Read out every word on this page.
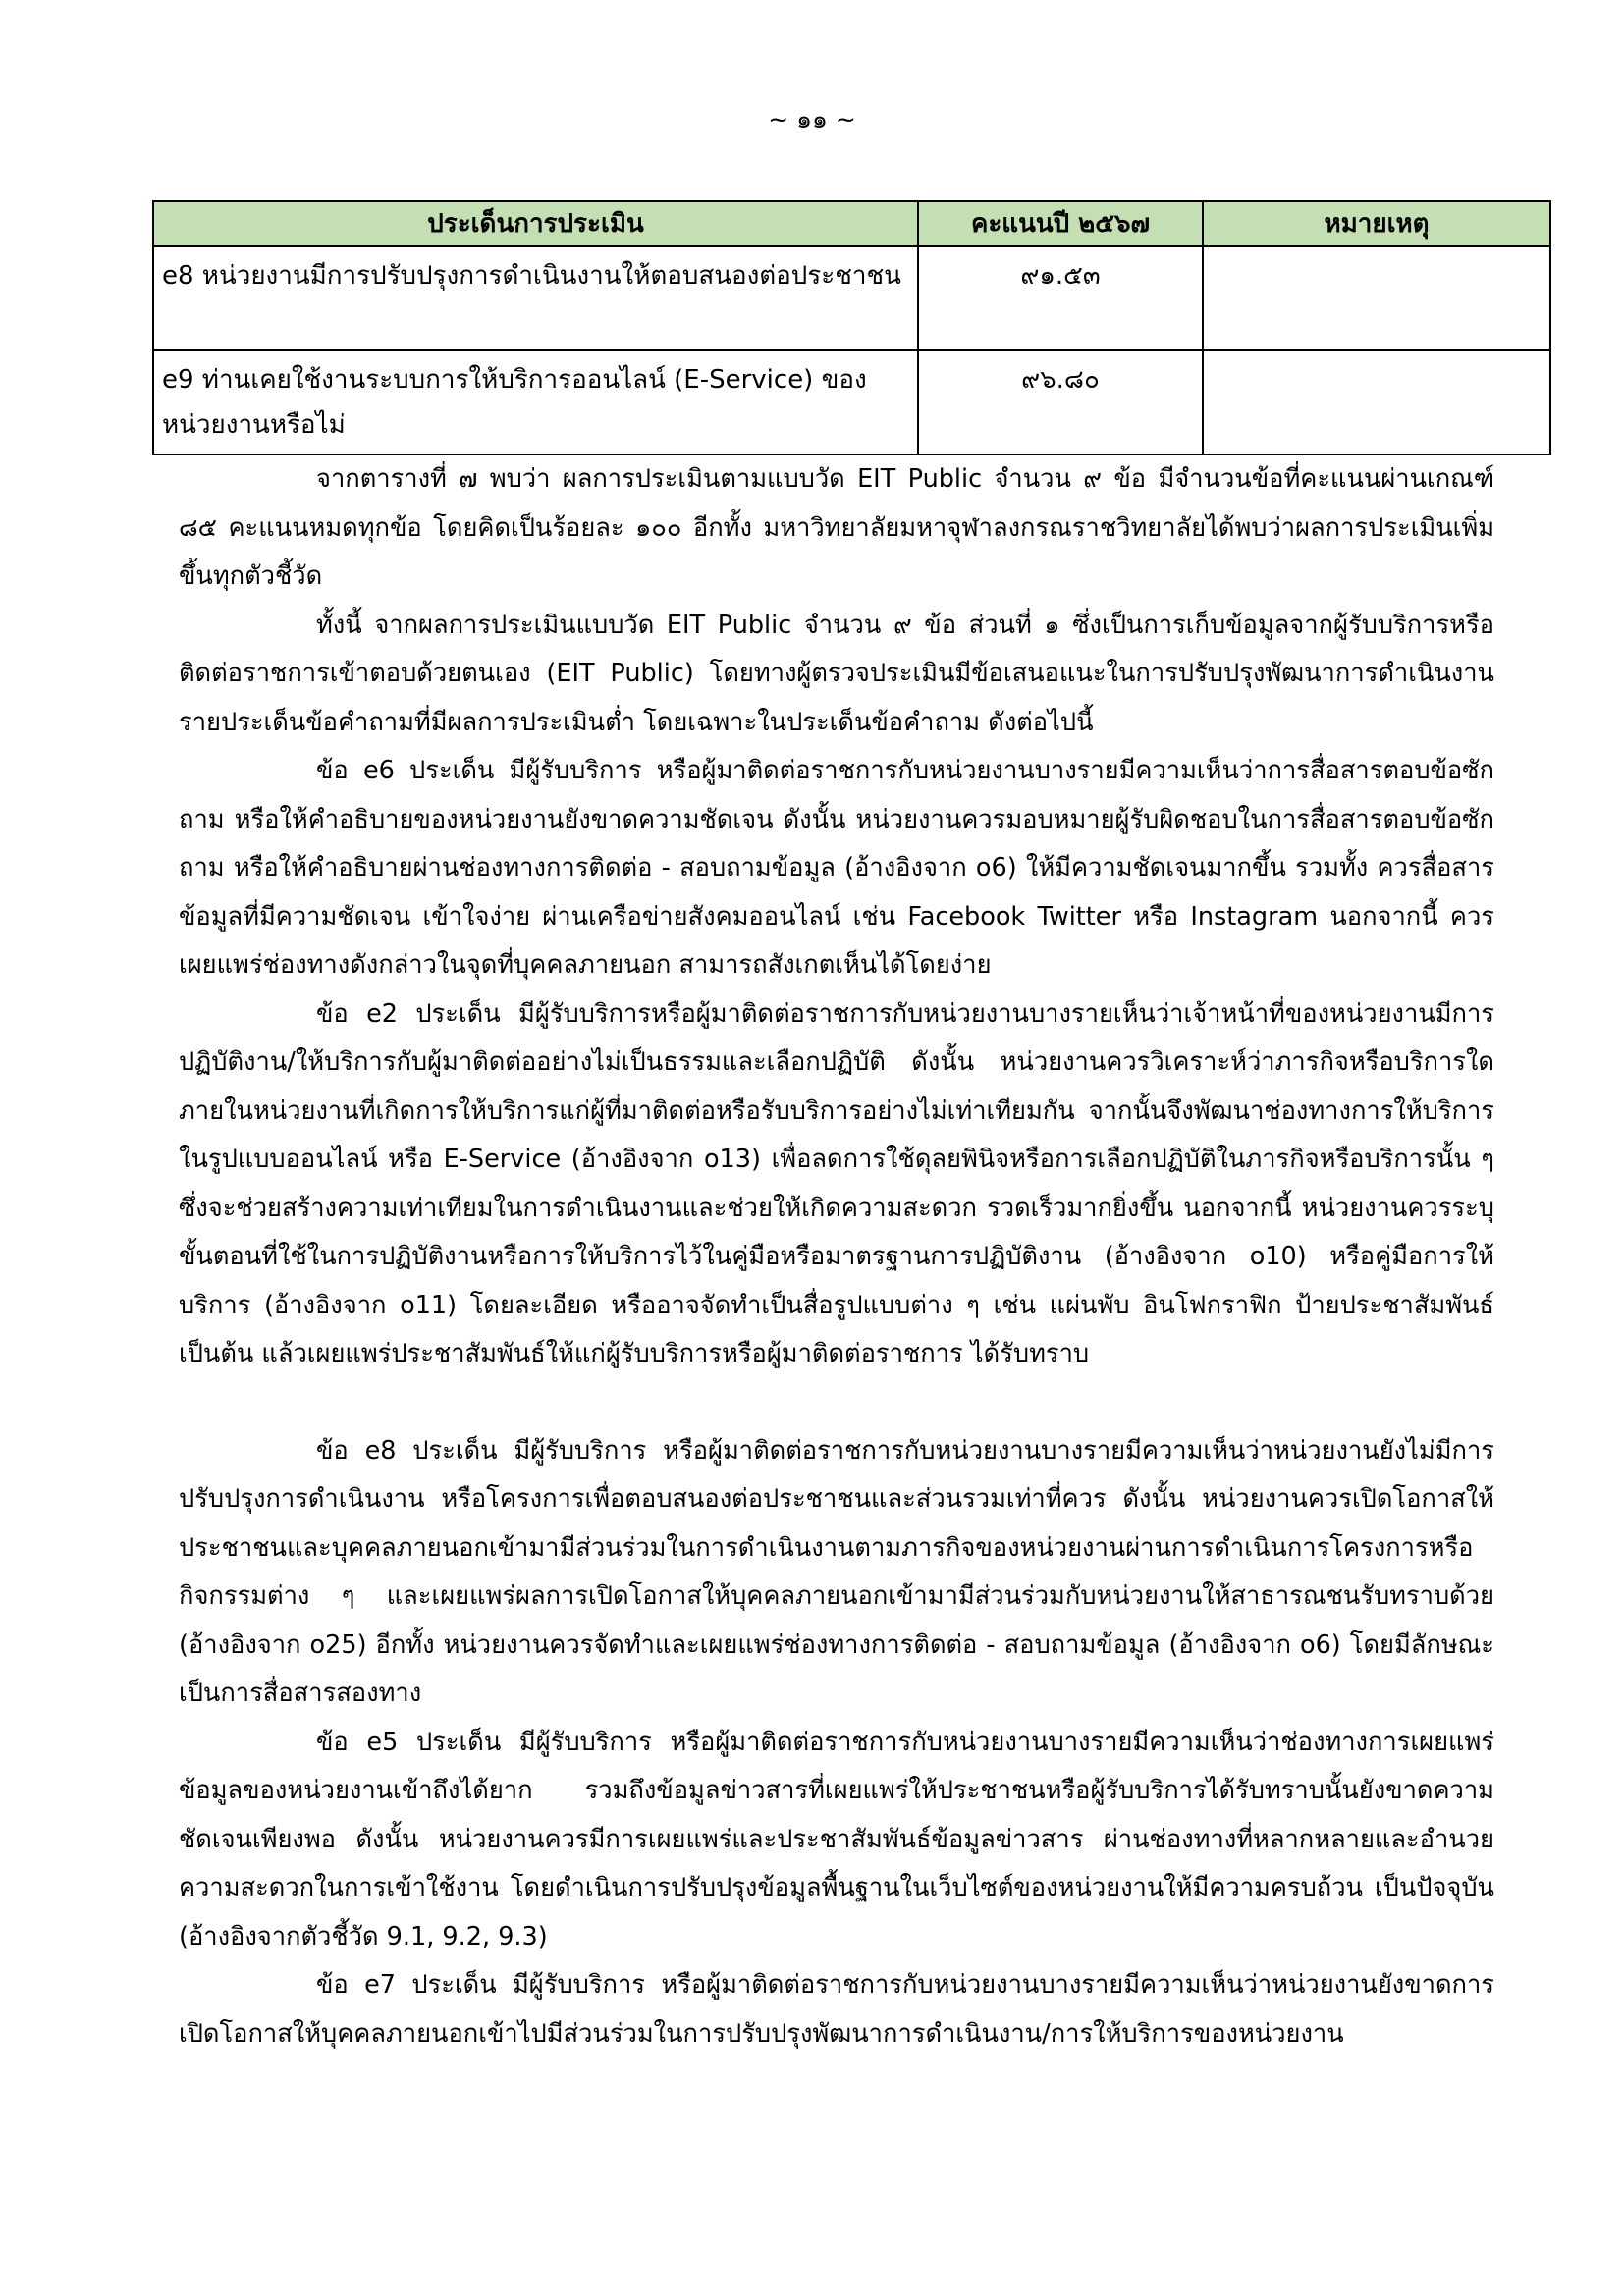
~ ๑๑ ~
ประเด็นการประเมิน	คะแนนปี ๒๕๖๗	หมายเหตุ
e8 หน่วยงานมีการปรับปรุงการดำเนินงานให้ตอบสนองต่อประชาชน	๙๑.๕๓	
e9 ท่านเคยใช้งานระบบการให้บริการออนไลน์ (E-Service) ของหน่วยงานหรือไม่	๙๖.๘๐	

จากตารางที่ ๗ พบว่า ผลการประเมินตามแบบวัด EIT Public จำนวน ๙ ข้อ มีจำนวนข้อที่คะแนนผ่านเกณฑ์ ๘๕ คะแนนหมดทุกข้อ โดยคิดเป็นร้อยละ ๑๐๐ อีกทั้ง มหาวิทยาลัยมหาจุฬาลงกรณราชวิทยาลัยได้พบว่าผลการประเมินเพิ่มขึ้นทุกตัวชี้วัด

ทั้งนี้ จากผลการประเมินแบบวัด EIT Public จำนวน ๙ ข้อ ส่วนที่ ๑ ซึ่งเป็นการเก็บข้อมูลจากผู้รับบริการหรือติดต่อราชการเข้าตอบด้วยตนเอง (EIT Public) โดยทางผู้ตรวจประเมินมีข้อเสนอแนะในการปรับปรุงพัฒนาการดำเนินงานรายประเด็นข้อคำถามที่มีผลการประเมินต่ำ โดยเฉพาะในประเด็นข้อคำถาม ดังต่อไปนี้

ข้อ e6 ประเด็น มีผู้รับบริการ หรือผู้มาติดต่อราชการกับหน่วยงานบางรายมีความเห็นว่าการสื่อสารตอบข้อซักถาม หรือให้คำอธิบายของหน่วยงานยังขาดความชัดเจน ดังนั้น หน่วยงานควรมอบหมายผู้รับผิดชอบในการสื่อสารตอบข้อซักถาม หรือให้คำอธิบายผ่านช่องทางการติดต่อ - สอบถามข้อมูล (อ้างอิงจาก o6) ให้มีความชัดเจนมากขึ้น รวมทั้ง ควรสื่อสารข้อมูลที่มีความชัดเจน เข้าใจง่าย ผ่านเครือข่ายสังคมออนไลน์ เช่น Facebook Twitter หรือ Instagram นอกจากนี้ ควรเผยแพร่ช่องทางดังกล่าวในจุดที่บุคคลภายนอก สามารถสังเกตเห็นได้โดยง่าย

ข้อ e2 ประเด็น มีผู้รับบริการหรือผู้มาติดต่อราชการกับหน่วยงานบางรายเห็นว่าเจ้าหน้าที่ของหน่วยงานมีการปฏิบัติงาน/ให้บริการกับผู้มาติดต่ออย่างไม่เป็นธรรมและเลือกปฏิบัติ ดังนั้น หน่วยงานควรวิเคราะห์ว่าภารกิจหรือบริการใดภายในหน่วยงานที่เกิดการให้บริการแก่ผู้ที่มาติดต่อหรือรับบริการอย่างไม่เท่าเทียมกัน จากนั้นจึงพัฒนาช่องทางการให้บริการในรูปแบบออนไลน์ หรือ E-Service (อ้างอิงจาก o13) เพื่อลดการใช้ดุลยพินิจหรือการเลือกปฏิบัติในภารกิจหรือบริการนั้น ๆ ซึ่งจะช่วยสร้างความเท่าเทียมในการดำเนินงานและช่วยให้เกิดความสะดวก รวดเร็วมากยิ่งขึ้น นอกจากนี้ หน่วยงานควรระบุขั้นตอนที่ใช้ในการปฏิบัติงานหรือการให้บริการไว้ในคู่มือหรือมาตรฐานการปฏิบัติงาน (อ้างอิงจาก o10) หรือคู่มือการให้บริการ (อ้างอิงจาก o11) โดยละเอียด หรืออาจจัดทำเป็นสื่อรูปแบบต่าง ๆ เช่น แผ่นพับ อินโฟกราฟิก ป้ายประชาสัมพันธ์ เป็นต้น แล้วเผยแพร่ประชาสัมพันธ์ให้แก่ผู้รับบริการหรือผู้มาติดต่อราชการ ได้รับทราบ

ข้อ e8 ประเด็น มีผู้รับบริการ หรือผู้มาติดต่อราชการกับหน่วยงานบางรายมีความเห็นว่าหน่วยงานยังไม่มีการปรับปรุงการดำเนินงาน หรือโครงการเพื่อตอบสนองต่อประชาชนและส่วนรวมเท่าที่ควร ดังนั้น หน่วยงานควรเปิดโอกาสให้ประชาชนและบุคคลภายนอกเข้ามามีส่วนร่วมในการดำเนินงานตามภารกิจของหน่วยงานผ่านการดำเนินการโครงการหรือกิจกรรมต่าง ๆ และเผยแพร่ผลการเปิดโอกาสให้บุคคลภายนอกเข้ามามีส่วนร่วมกับหน่วยงานให้สาธารณชนรับทราบด้วย (อ้างอิงจาก o25) อีกทั้ง หน่วยงานควรจัดทำและเผยแพร่ช่องทางการติดต่อ - สอบถามข้อมูล (อ้างอิงจาก o6) โดยมีลักษณะเป็นการสื่อสารสองทาง

ข้อ e5 ประเด็น มีผู้รับบริการ หรือผู้มาติดต่อราชการกับหน่วยงานบางรายมีความเห็นว่าช่องทางการเผยแพร่ข้อมูลของหน่วยงานเข้าถึงได้ยาก รวมถึงข้อมูลข่าวสารที่เผยแพร่ให้ประชาชนหรือผู้รับบริการได้รับทราบนั้นยังขาดความชัดเจนเพียงพอ ดังนั้น หน่วยงานควรมีการเผยแพร่และประชาสัมพันธ์ข้อมูลข่าวสาร ผ่านช่องทางที่หลากหลายและอำนวยความสะดวกในการเข้าใช้งาน โดยดำเนินการปรับปรุงข้อมูลพื้นฐานในเว็บไซต์ของหน่วยงานให้มีความครบถ้วน เป็นปัจจุบัน (อ้างอิงจากตัวชี้วัด 9.1, 9.2, 9.3)

ข้อ e7 ประเด็น มีผู้รับบริการ หรือผู้มาติดต่อราชการกับหน่วยงานบางรายมีความเห็นว่าหน่วยงานยังขาดการเปิดโอกาสให้บุคคลภายนอกเข้าไปมีส่วนร่วมในการปรับปรุงพัฒนาการดำเนินงาน/การให้บริการของหน่วยงาน
